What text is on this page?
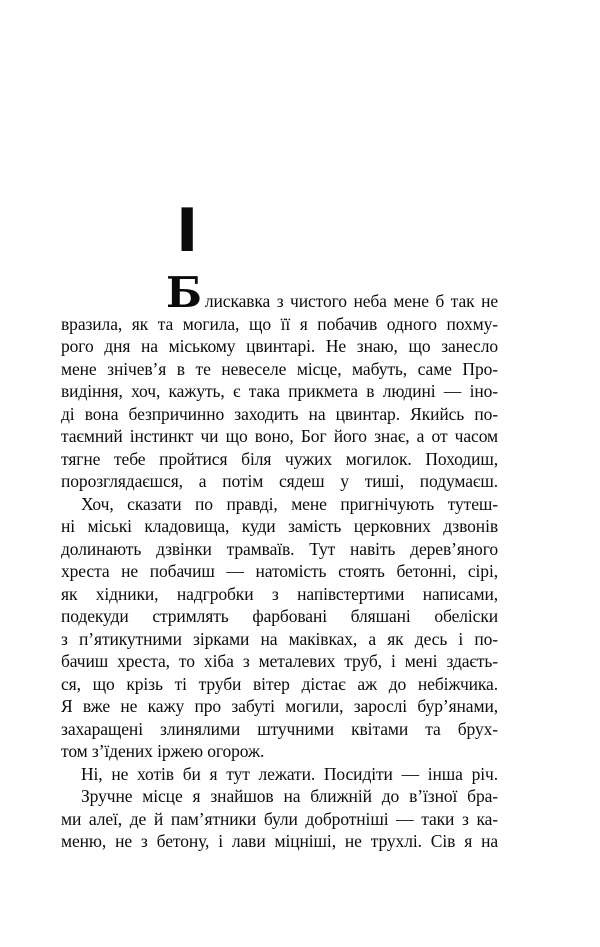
І
Блискавка з чистого неба мене б так не
вразила, як та могила, що її я побачив одного похму-
рого дня на міському цвинтарі. Не знаю, що занесло
мене знічев’я в те невеселе місце, мабуть, саме Про-
видіння, хоч, кажуть, є така прикмета в людині — іно-
ді вона безпричинно заходить на цвинтар. Якийсь по-
таємний інстинкт чи що воно, Бог його знає, а от часом
тягне тебе пройтися біля чужих могилок. Походиш,
порозглядаєшся, а потім сядеш у тиші, подумаєш.
Хоч, сказати по правді, мене пригнічують тутеш-
ні міські кладовища, куди замість церковних дзвонів
долинають дзвінки трамваїв. Тут навіть дерев’яного
хреста не побачиш — натомість стоять бетонні, сірі,
як хідники, надгробки з напівстертими написами,
подекуди стримлять фарбовані бляшані обеліски
з п’ятикутними зірками на маківках, а як десь і по-
бачиш хреста, то хіба з металевих труб, і мені здаєть-
ся, що крізь ті труби вітер дістає аж до небіжчика.
Я вже не кажу про забуті могили, зарослі бур’янами,
захаращені злинялими штучними квітами та брух-
том з’їдених іржею огорож.
Ні, не хотів би я тут лежати. Посидіти — інша річ.
Зручне місце я знайшов на ближній до в’їзної бра-
ми алеї, де й пам’ятники були добротніші — таки з ка-
меню, не з бетону, і лави міцніші, не трухлі. Сів я на
